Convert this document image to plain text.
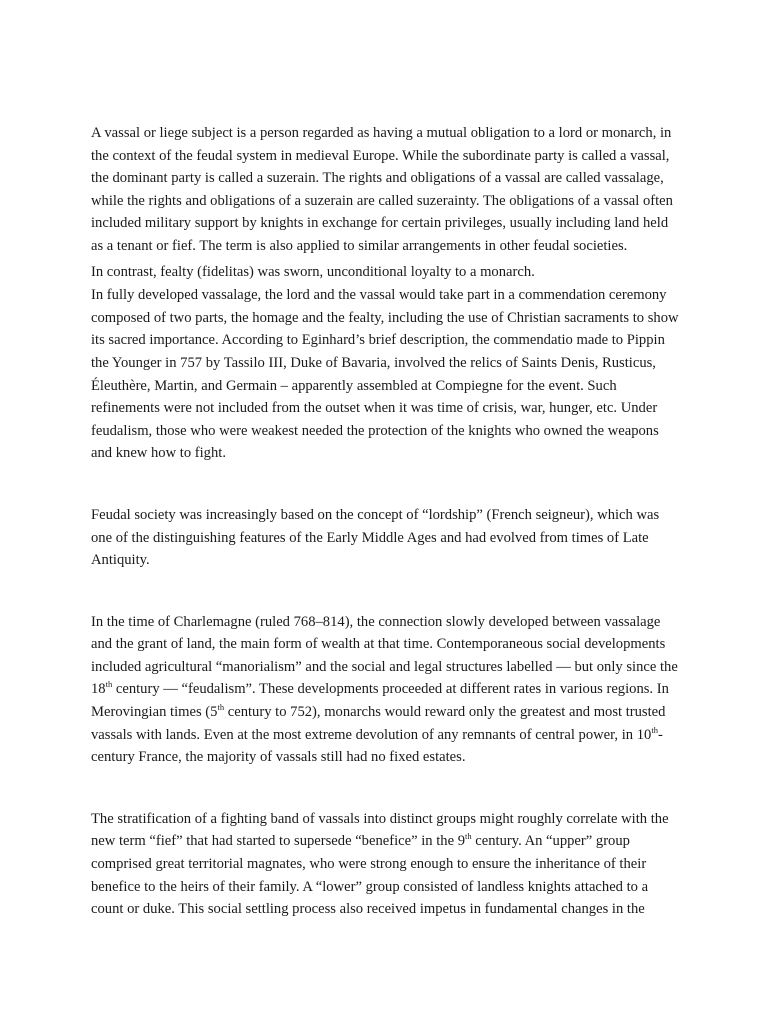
A vassal or liege subject is a person regarded as having a mutual obligation to a lord or monarch, in the context of the feudal system in medieval Europe. While the subordinate party is called a vassal, the dominant party is called a suzerain. The rights and obligations of a vassal are called vassalage, while the rights and obligations of a suzerain are called suzerainty. The obligations of a vassal often included military support by knights in exchange for certain privileges, usually including land held as a tenant or fief. The term is also applied to similar arrangements in other feudal societies.

In contrast, fealty (fidelitas) was sworn, unconditional loyalty to a monarch.

In fully developed vassalage, the lord and the vassal would take part in a commendation ceremony composed of two parts, the homage and the fealty, including the use of Christian sacraments to show its sacred importance. According to Eginhard’s brief description, the commendatio made to Pippin the Younger in 757 by Tassilo III, Duke of Bavaria, involved the relics of Saints Denis, Rusticus, Éleuthère, Martin, and Germain – apparently assembled at Compiegne for the event. Such refinements were not included from the outset when it was time of crisis, war, hunger, etc. Under feudalism, those who were weakest needed the protection of the knights who owned the weapons and knew how to fight.

Feudal society was increasingly based on the concept of “lordship” (French seigneur), which was one of the distinguishing features of the Early Middle Ages and had evolved from times of Late Antiquity.

In the time of Charlemagne (ruled 768–814), the connection slowly developed between vassalage and the grant of land, the main form of wealth at that time. Contemporaneous social developments included agricultural “manorialism” and the social and legal structures labelled — but only since the 18th century — “feudalism”. These developments proceeded at different rates in various regions. In Merovingian times (5th century to 752), monarchs would reward only the greatest and most trusted vassals with lands. Even at the most extreme devolution of any remnants of central power, in 10th-century France, the majority of vassals still had no fixed estates.

The stratification of a fighting band of vassals into distinct groups might roughly correlate with the new term “fief” that had started to supersede “benefice” in the 9th century. An “upper” group comprised great territorial magnates, who were strong enough to ensure the inheritance of their benefice to the heirs of their family. A “lower” group consisted of landless knights attached to a count or duke. This social settling process also received impetus in fundamental changes in the
